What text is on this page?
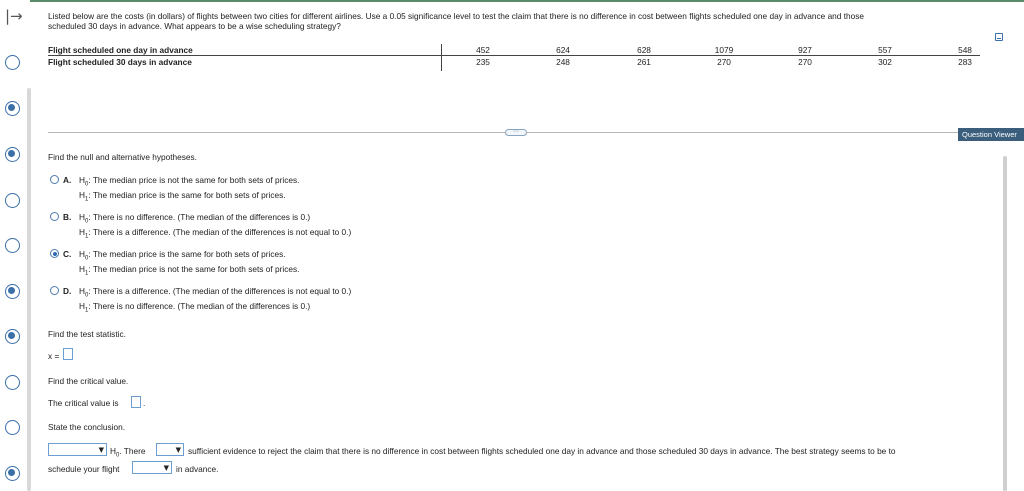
|→	Listed below are the costs (in dollars) of flights between two cities for different airlines. Use a 0.05 significance level to test the claim that there is no difference in cost between flights scheduled one day in advance and those
scheduled 30 days in advance. What appears to be a wise scheduling strategy?
Flight scheduled one day in advance	452	624	628	1079	927	557	548
Flight scheduled 30 days in advance	235	248	261	270	270	302	283
⋯	Question Viewer
Find the null and alternative hypotheses.
A. $H_0$: The median price is not the same for both sets of prices.
$H_1$: The median price is the same for both sets of prices.
B. $H_0$: There is no difference. (The median of the differences is 0.)
$H_1$: There is a difference. (The median of the differences is not equal to 0.)
C. $H_0$: The median price is the same for both sets of prices.
$H_1$: The median price is not the same for both sets of prices.
D. $H_0$: There is a difference. (The median of the differences is not equal to 0.)
$H_1$: There is no difference. (The median of the differences is 0.)
Find the test statistic.
x =
Find the critical value.
The critical value is	.
State the conclusion.
▼ $H_0$. There	▼ sufficient evidence to reject the claim that there is no difference in cost between flights scheduled one day in advance and those scheduled 30 days in advance. The best strategy seems to be to
schedule your flight	▼ in advance.
